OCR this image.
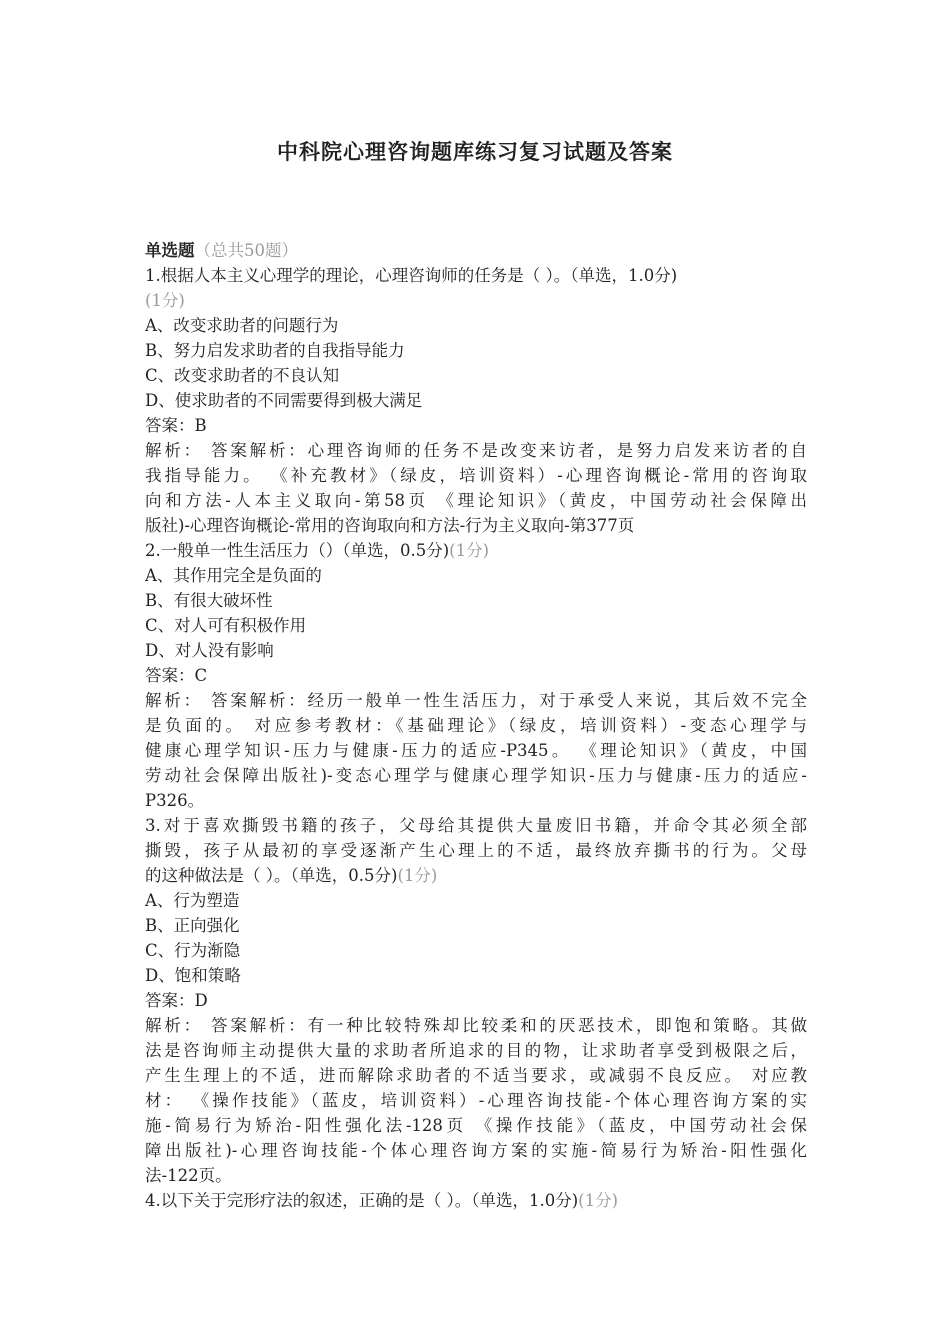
中科院心理咨询题库练习复习试题及答案
单选题（总共50题）
1.根据人本主义心理学的理论，心理咨询师的任务是（ ）。（单选，1.0分)
(1分)
A、改变求助者的问题行为
B、努力启发求助者的自我指导能力
C、改变求助者的不良认知
D、使求助者的不同需要得到极大满足
答案：B
解析： 答案解析：心理咨询师的任务不是改变来访者，是努力启发来访者的自
我指导能力。 《补充教材》（绿皮，培训资料）-心理咨询概论-常用的咨询取
向和方法-人本主义取向-第58页 《理论知识》（黄皮，中国劳动社会保障出
版社)-心理咨询概论-常用的咨询取向和方法-行为主义取向-第377页
2.一般单一性生活压力（）（单选，0.5分)(1分)
A、其作用完全是负面的
B、有很大破坏性
C、对人可有积极作用
D、对人没有影响
答案：C
解析： 答案解析：经历一般单一性生活压力，对于承受人来说，其后效不完全
是负面的。 对应参考教材：《基础理论》（绿皮，培训资料）-变态心理学与
健康心理学知识-压力与健康-压力的适应-P345。 《理论知识》（黄皮，中国
劳动社会保障出版社)-变态心理学与健康心理学知识-压力与健康-压力的适应-
P326。
3.对于喜欢撕毁书籍的孩子，父母给其提供大量废旧书籍，并命令其必须全部
撕毁，孩子从最初的享受逐渐产生心理上的不适，最终放弃撕书的行为。父母
的这种做法是（ ）。（单选，0.5分)(1分)
A、行为塑造
B、正向强化
C、行为渐隐
D、饱和策略
答案：D
解析： 答案解析：有一种比较特殊却比较柔和的厌恶技术，即饱和策略。其做
法是咨询师主动提供大量的求助者所追求的目的物，让求助者享受到极限之后，
产生生理上的不适，进而解除求助者的不适当要求，或减弱不良反应。 对应教
材： 《操作技能》（蓝皮，培训资料）-心理咨询技能-个体心理咨询方案的实
施-简易行为矫治-阳性强化法-128页 《操作技能》（蓝皮，中国劳动社会保
障出版社)-心理咨询技能-个体心理咨询方案的实施-简易行为矫治-阳性强化
法-122页。
4.以下关于完形疗法的叙述，正确的是（ ）。（单选，1.0分)(1分)
